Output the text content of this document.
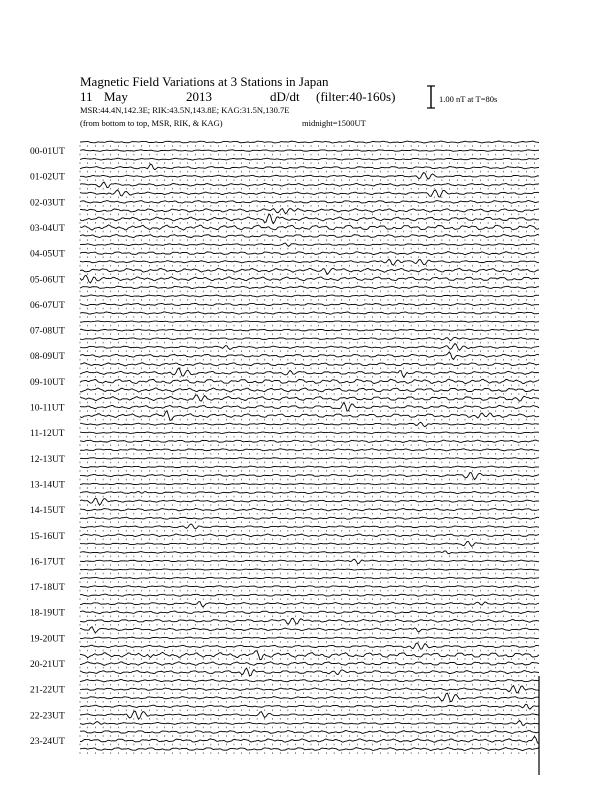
Magnetic Field Variations at 3 Stations in Japan
11 May	2013	dD/dt (filter:40-160s)
MSR:44.4N,142.3E; RIK:43.5N,143.8E; KAG:31.5N,130.7E
(from bottom to top, MSR, RIK, & KAG)	midnight=1500UT
1.00 nT at T=80s
00-01UT
01-02UT
02-03UT
03-04UT
04-05UT
05-06UT
06-07UT
07-08UT
08-09UT
09-10UT
10-11UT
11-12UT
12-13UT
13-14UT
14-15UT
15-16UT
16-17UT
17-18UT
18-19UT
19-20UT
20-21UT
21-22UT
22-23UT
23-24UT
